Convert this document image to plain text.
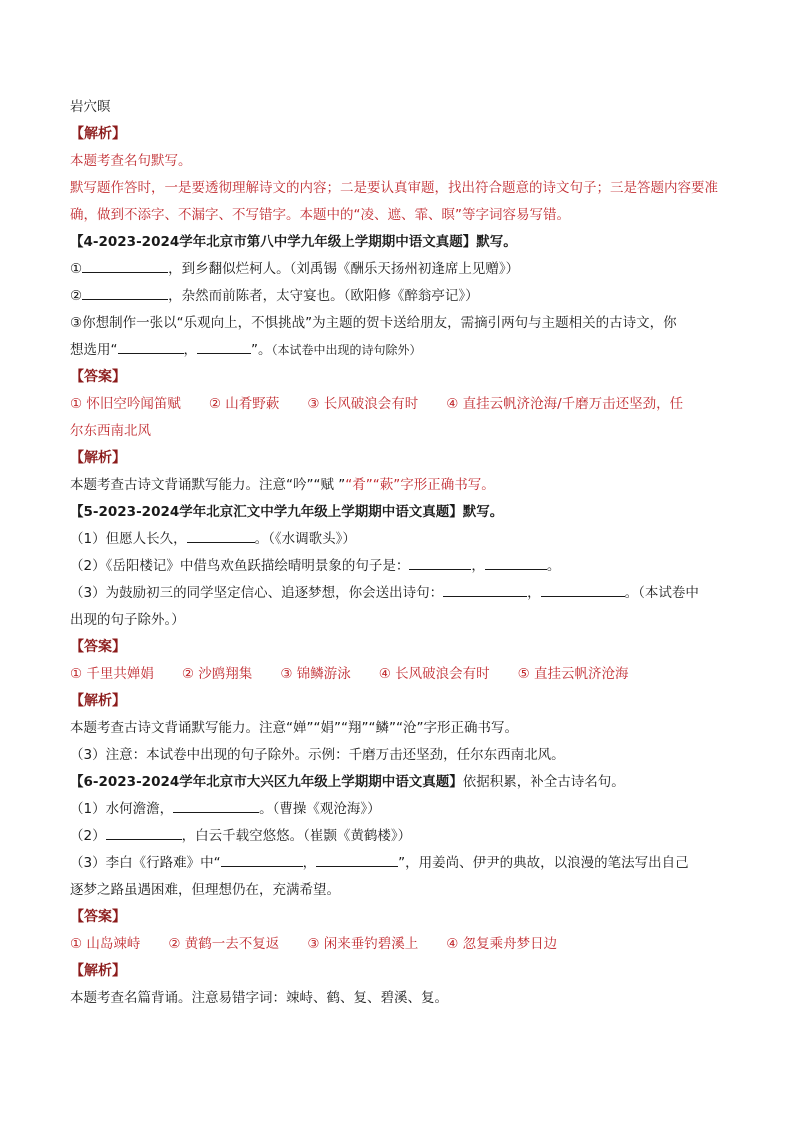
岩穴暝
【解析】
本题考查名句默写。
默写题作答时，一是要透彻理解诗文的内容；二是要认真审题，找出符合题意的诗文句子；三是答题内容要准确，做到不添字、不漏字、不写错字。本题中的“凌、遮、霏、暝”等字词容易写错。
【4-2023-2024学年北京市第八中学九年级上学期期中语文真题】默写。
①	，到乡翻似烂柯人。（刘禹锡《酬乐天扬州初逢席上见赠》）
②	，杂然而前陈者，太守宴也。（欧阳修《醉翁亭记》）
③你想制作一张以“乐观向上，不惧挑战”为主题的贺卡送给朋友，需摘引两句与主题相关的古诗文，你
想选用“	，	”。（本试卷中出现的诗句除外）
【答案】
① 怀旧空吟闻笛赋 ② 山肴野蔌 ③ 长风破浪会有时 ④ 直挂云帆济沧海/千磨万击还坚劲，任
尔东西南北风
【解析】
本题考查古诗文背诵默写能力。注意“吟”“赋 ”“肴”“蔌”字形正确书写。
【5-2023-2024学年北京汇文中学九年级上学期期中语文真题】默写。
（1）但愿人长久，	。（《水调歌头》）
（2）《岳阳楼记》中借鸟欢鱼跃描绘晴明景象的句子是：	，	。
（3）为鼓励初三的同学坚定信心、追逐梦想，你会送出诗句：	，	。（本试卷中
出现的句子除外。）
【答案】
① 千里共婵娟 ② 沙鸥翔集 ③ 锦鳞游泳 ④ 长风破浪会有时 ⑤ 直挂云帆济沧海
【解析】
本题考查古诗文背诵默写能力。注意“婵”“娟”“翔”“鳞”“沧”字形正确书写。
（3）注意：本试卷中出现的句子除外。示例：千磨万击还坚劲，任尔东西南北风。
【6-2023-2024学年北京市大兴区九年级上学期期中语文真题】依据积累，补全古诗名句。
（1）水何澹澹，	。（曹操《观沧海》）
（2）	，白云千载空悠悠。（崔颢《黄鹤楼》）
（3）李白《行路难》中“	，	”，用姜尚、伊尹的典故，以浪漫的笔法写出自己
逐梦之路虽遇困难，但理想仍在，充满希望。
【答案】
① 山岛竦峙 ② 黄鹤一去不复返 ③ 闲来垂钓碧溪上 ④ 忽复乘舟梦日边
【解析】
本题考查名篇背诵。注意易错字词：竦峙、鹤、复、碧溪、复。
